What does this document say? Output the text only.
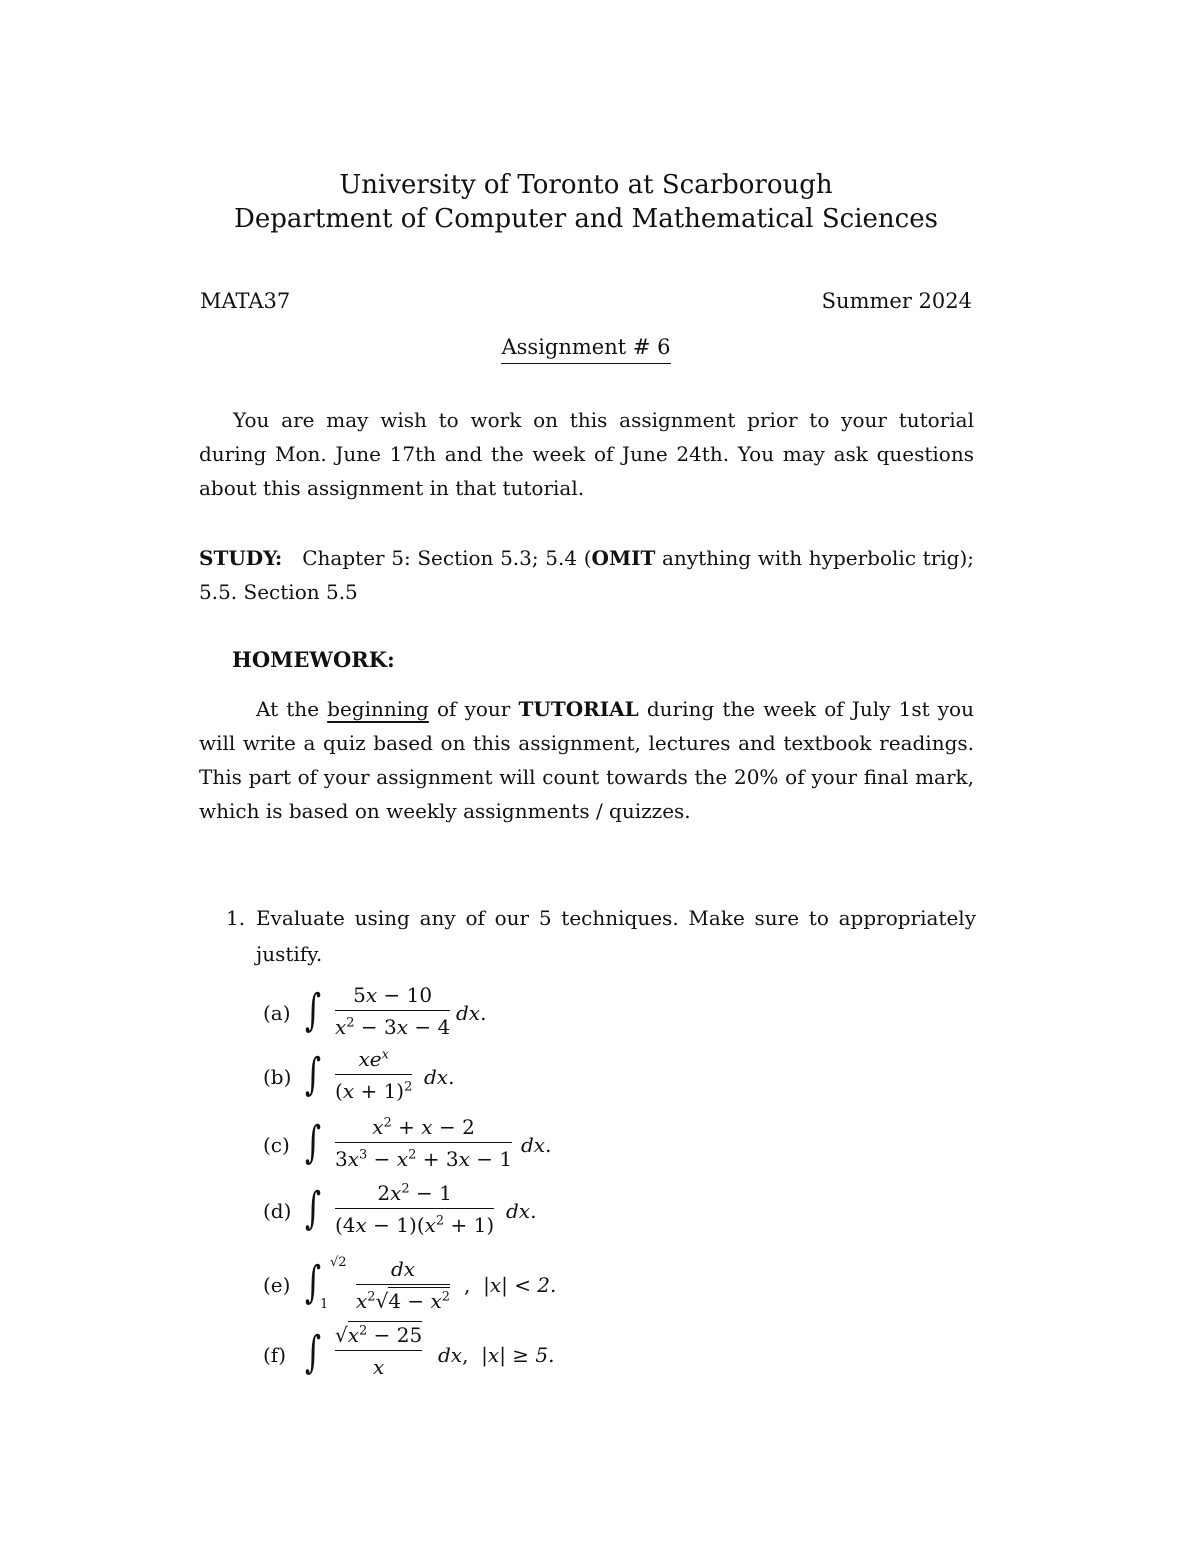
University of Toronto at Scarborough
Department of Computer and Mathematical Sciences
MATA37	Summer 2024
Assignment # 6
You are may wish to work on this assignment prior to your tutorial during Mon. June 17th and the week of June 24th. You may ask questions about this assignment in that tutorial.
STUDY: Chapter 5: Section 5.3; 5.4 (OMIT anything with hyperbolic trig); 5.5. Section 5.5
HOMEWORK:
At the beginning of your TUTORIAL during the week of July 1st you will write a quiz based on this assignment, lectures and textbook readings. This part of your assignment will count towards the 20% of your final mark, which is based on weekly assignments / quizzes.
1. Evaluate using any of our 5 techniques. Make sure to appropriately justify.
(a) ∫	5x − 10
$x^2 - 3x - 4$
dx.
(b) ∫	$xe^x$
$(x + 1)^2$ dx.
(c) ∫	$x^2 + x - 2$
$3x^3 - x^2 + 3x - 1$
dx.
(d) ∫	$2x^2 - 1$
$(4x - 1)(x^2 + 1)$
dx.
(e) ∫ √2
1
dx
$x^2√4 - x^2$
,  |x| < 2.
(f) ∫ $√x^2 - 25$
x
dx,  |x| ≥ 5.
